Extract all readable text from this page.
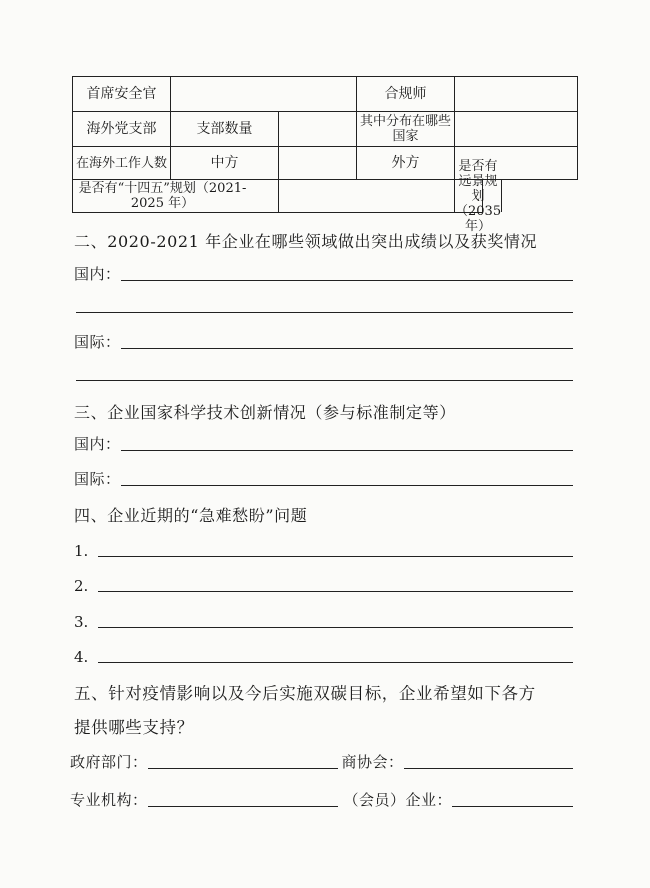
首席安全官			合规师	
海外党支部	支部数量		其中分布在哪些国家	
在海外工作人数	中方		外方	
是否有“十四五”规划（2021-2025 年）				是否有远景规划（2035 年）
二、2020-2021 年企业在哪些领域做出突出成绩以及获奖情况
国内：
国际：
三、企业国家科学技术创新情况（参与标准制定等）
国内：
国际：
四、企业近期的“急难愁盼”问题
1.
2.
3.
4.
五、针对疫情影响以及今后实施双碳目标，企业希望如下各方
提供哪些支持？
政府部门：	商协会：
专业机构：	（会员）企业：
